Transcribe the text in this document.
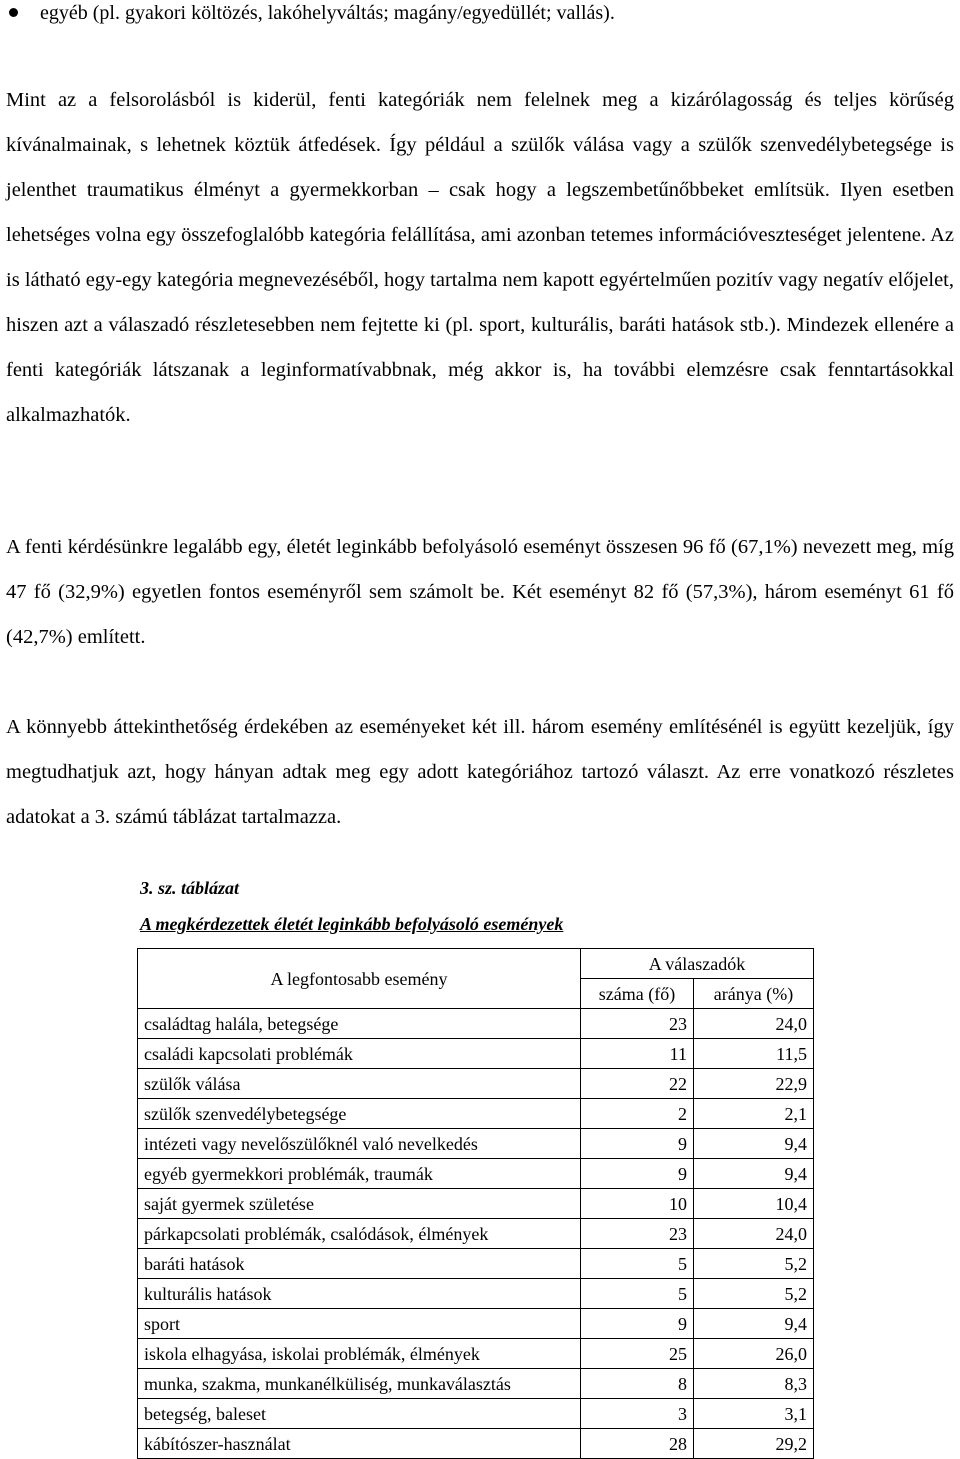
egyéb (pl. gyakori költözés, lakóhelyváltás; magány/egyedüllét; vallás).

Mint az a felsorolásból is kiderül, fenti kategóriák nem felelnek meg a kizárólagosság és teljes körűség kívánalmainak, s lehetnek köztük átfedések. Így például a szülők válása vagy a szülők szenvedélybetegsége is jelenthet traumatikus élményt a gyermekkorban – csak hogy a legszembetűnőbbeket említsük. Ilyen esetben lehetséges volna egy összefoglalóbb kategória felállítása, ami azonban tetemes információveszteséget jelentene. Az is látható egy-egy kategória megnevezéséből, hogy tartalma nem kapott egyértelműen pozitív vagy negatív előjelet, hiszen azt a válaszadó részletesebben nem fejtette ki (pl. sport, kulturális, baráti hatások stb.). Mindezek ellenére a fenti kategóriák látszanak a leginformatívabbnak, még akkor is, ha további elemzésre csak fenntartásokkal alkalmazhatók.

A fenti kérdésünkre legalább egy, életét leginkább befolyásoló eseményt összesen 96 fő (67,1%) nevezett meg, míg 47 fő (32,9%) egyetlen fontos eseményről sem számolt be. Két eseményt 82 fő (57,3%), három eseményt 61 fő (42,7%) említett.

A könnyebb áttekinthetőség érdekében az eseményeket két ill. három esemény említésénél is együtt kezeljük, így megtudhatjuk azt, hogy hányan adtak meg egy adott kategóriához tartozó választ. Az erre vonatkozó részletes adatokat a 3. számú táblázat tartalmazza.

3. sz. táblázat
A megkérdezettek életét leginkább befolyásoló események
A legfontosabb esemény	A válaszadók	
	száma (fő)	aránya (%)
családtag halála, betegsége	23	24,0
családi kapcsolati problémák	11	11,5
szülők válása	22	22,9
szülők szenvedélybetegsége	2	2,1
intézeti vagy nevelőszülőknél való nevelkedés	9	9,4
egyéb gyermekkori problémák, traumák	9	9,4
saját gyermek születése	10	10,4
párkapcsolati problémák, csalódások, élmények	23	24,0
baráti hatások	5	5,2
kulturális hatások	5	5,2
sport	9	9,4
iskola elhagyása, iskolai problémák, élmények	25	26,0
munka, szakma, munkanélküliség, munkaválasztás	8	8,3
betegség, baleset	3	3,1
kábítószer-használat	28	29,2
